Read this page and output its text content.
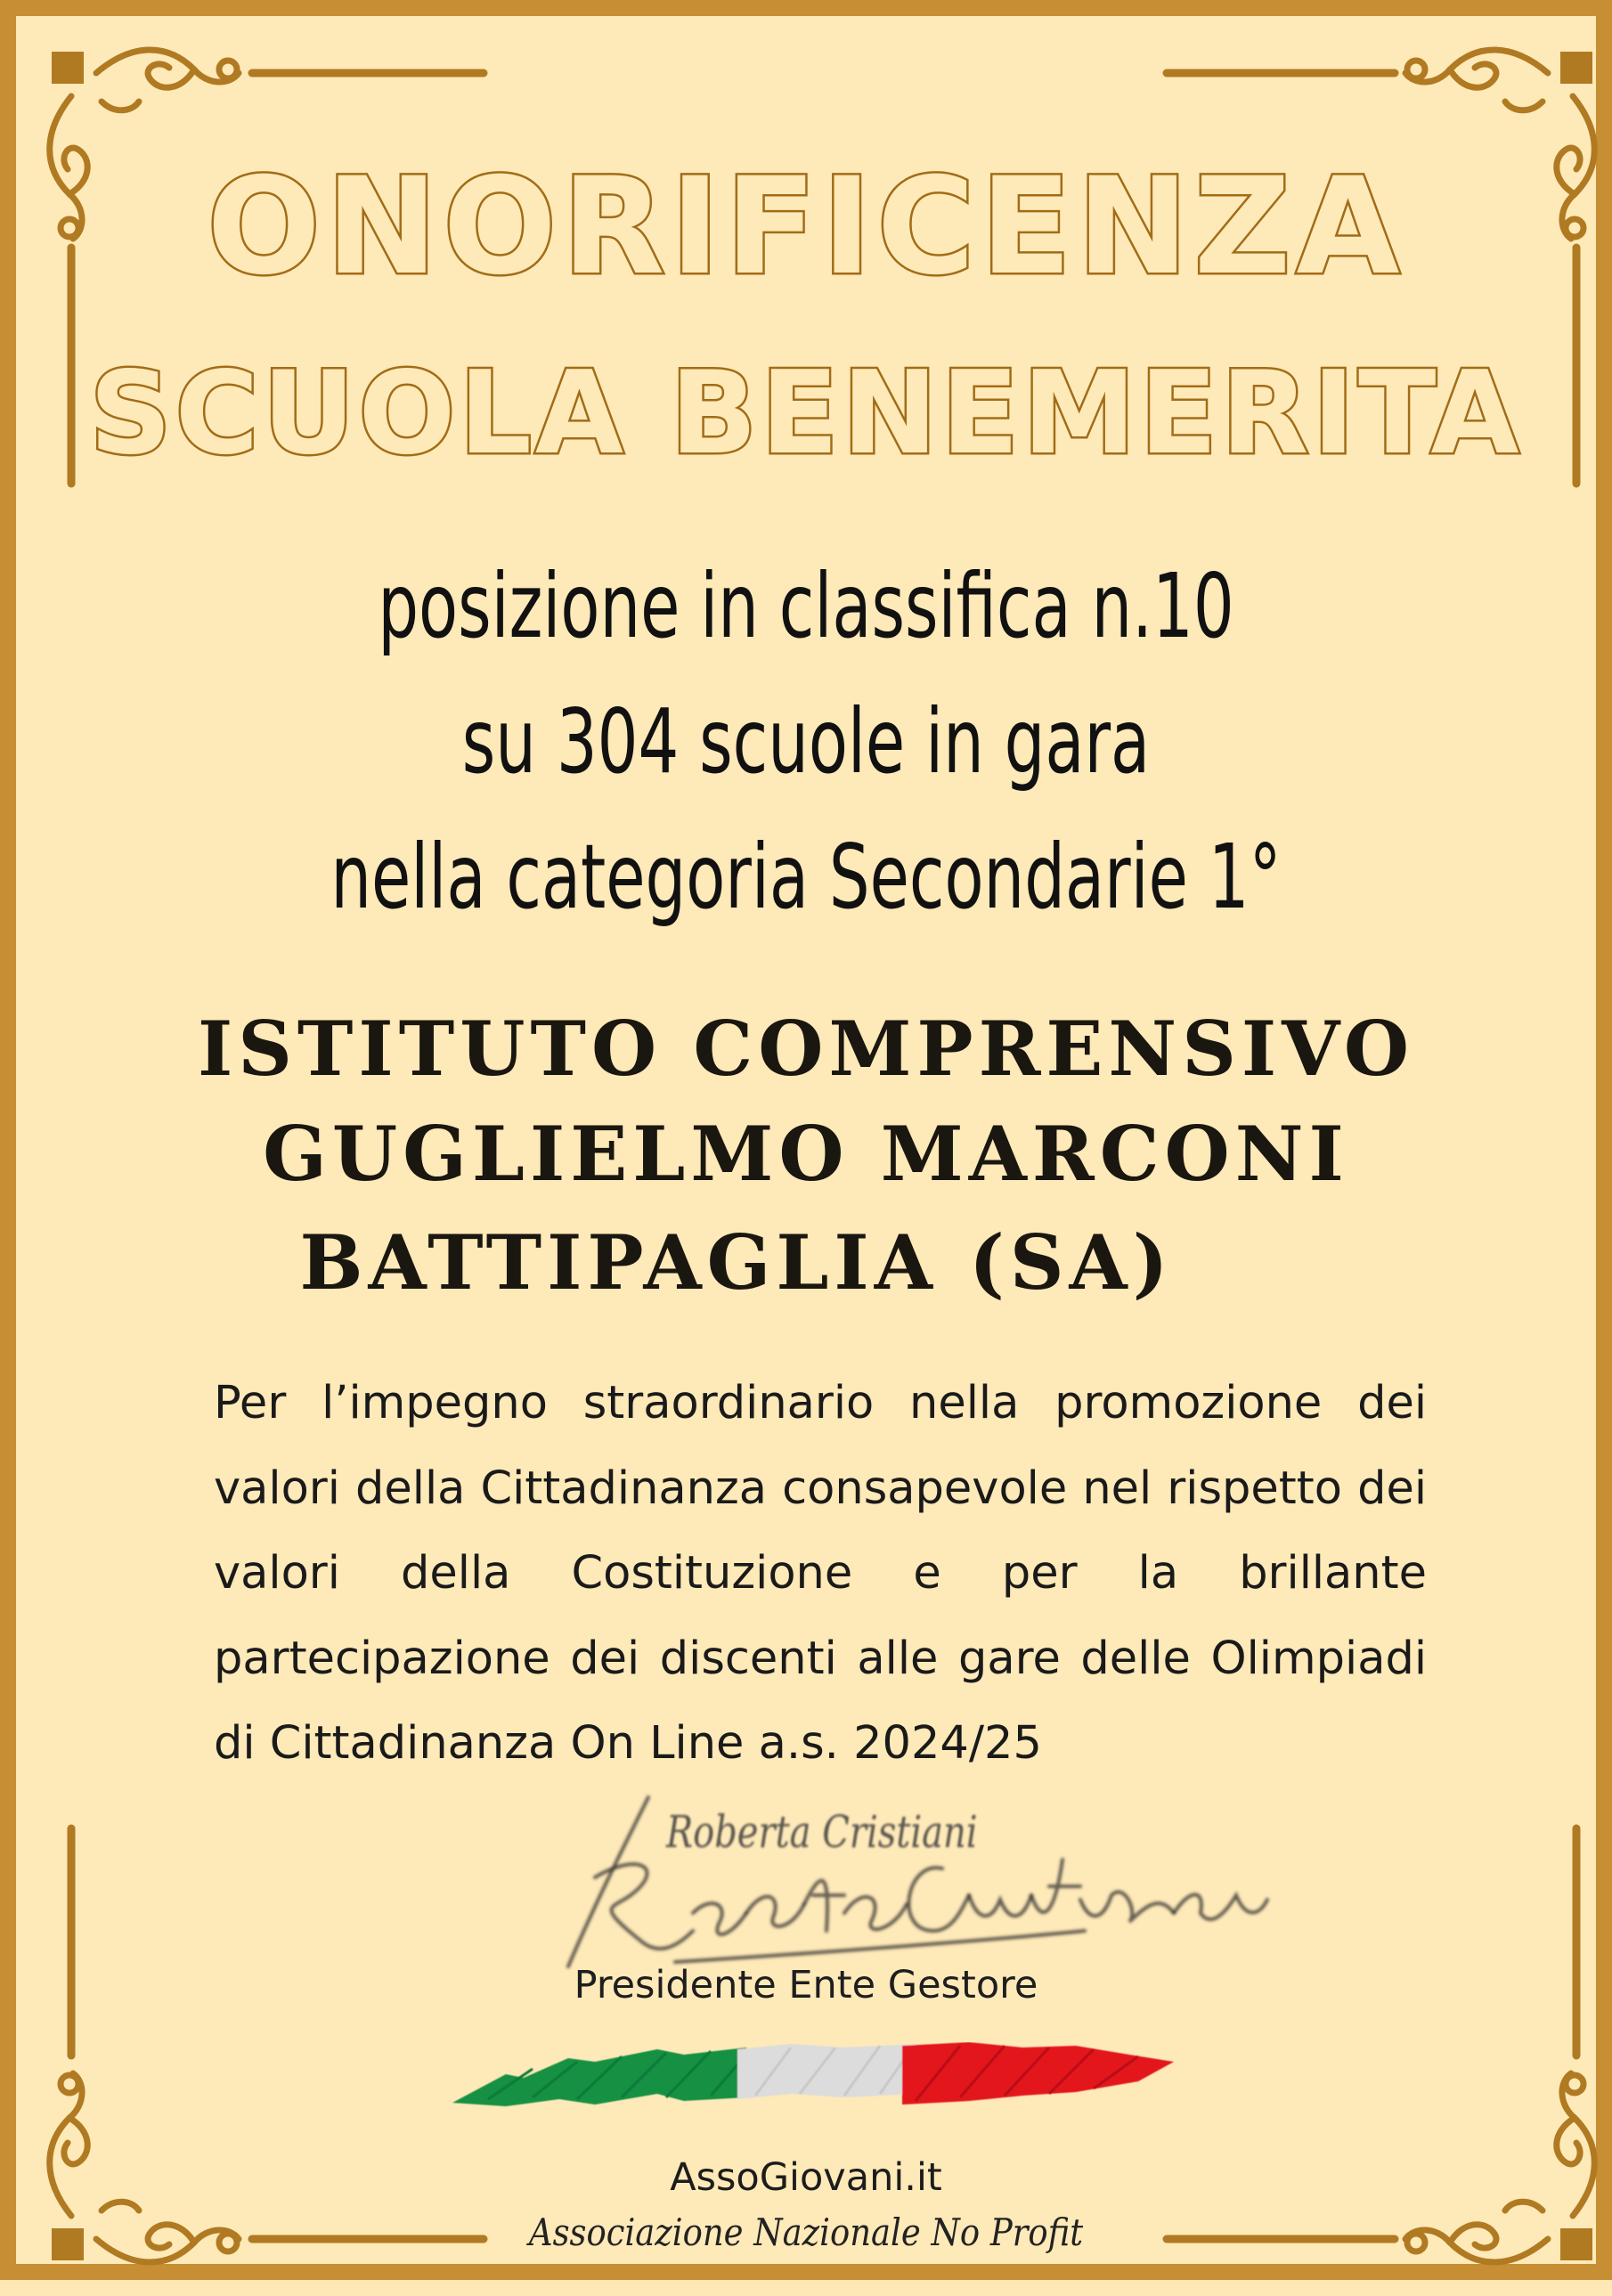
ONORIFICENZA
SCUOLA BENEMERITA
posizione in classifica n.10
su 304 scuole in gara
nella categoria Secondarie 1°
ISTITUTO COMPRENSIVO
GUGLIELMO MARCONI
BATTIPAGLIA (SA)
Per l’impegno straordinario nella promozione dei valori della Cittadinanza consapevole nel rispetto dei valori della Costituzione e per la brillante partecipazione dei discenti alle gare delle Olimpiadi di Cittadinanza On Line a.s. 2024/25
Roberta Cristiani
Presidente Ente Gestore
AssoGiovani.it
Associazione Nazionale No Profit
